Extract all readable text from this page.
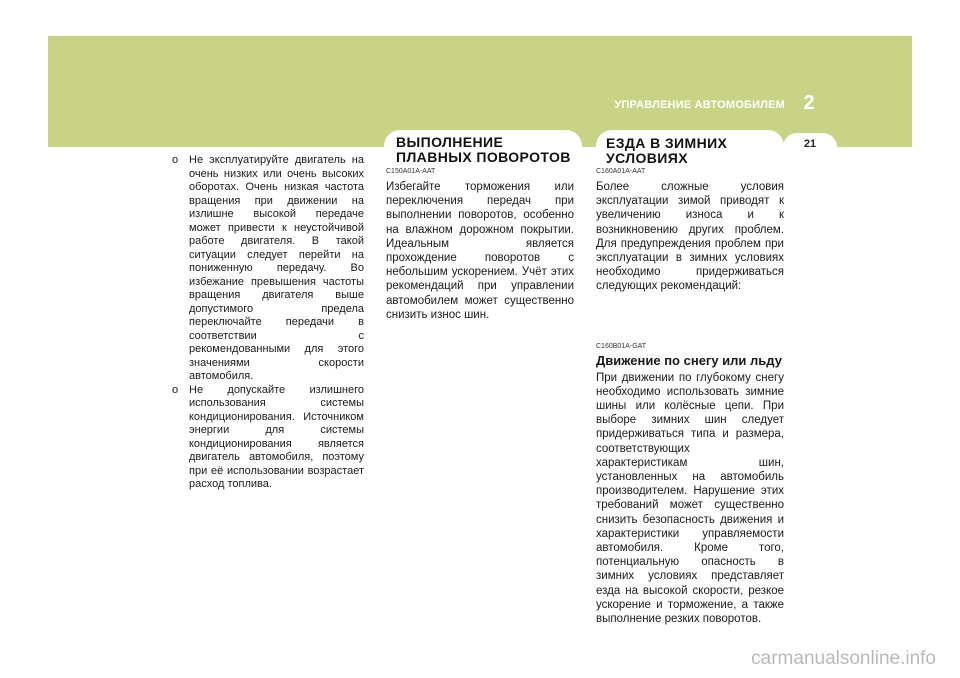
УПРАВЛЕНИЕ АВТОМОБИЛЕМ 2
21
ВЫПОЛНЕНИЕ ПЛАВНЫХ ПОВОРОТОВ
ЕЗДА В ЗИМНИХ УСЛОВИЯХ
o Не эксплуатируйте двигатель на очень низких или очень высоких оборотах. Очень низкая частота вращения при движении на излишне высокой передаче может привести к неустойчивой работе двигателя. В такой ситуации следует перейти на пониженную передачу. Во избежание превышения частоты вращения двигателя выше допустимого предела переключайте передачи в соответствии с рекомендованными для этого значениями скорости автомобиля.
o Не допускайте излишнего использования системы кондиционирования. Источником энергии для системы кондиционирования является двигатель автомобиля, поэтому при её использовании возрастает расход топлива.
C150A01A-AAT
Избегайте торможения или переключения передач при выполнении поворотов, особенно на влажном дорожном покрытии. Идеальным является прохождение поворотов с небольшим ускорением. Учёт этих рекомендаций при управлении автомобилем может существенно снизить износ шин.
C160A01A-AAT
Более сложные условия эксплуатации зимой приводят к увеличению износа и к возникновению других проблем. Для предупреждения проблем при эксплуатации в зимних условиях необходимо придерживаться следующих рекомендаций:
C160B01A-GAT
Движение по снегу или льду
При движении по глубокому снегу необходимо использовать зимние шины или колёсные цепи. При выборе зимних шин следует придерживаться типа и размера, соответствующих характеристикам шин, установленных на автомобиль производителем. Нарушение этих требований может существенно снизить безопасность движения и характеристики управляемости автомобиля. Кроме того, потенциальную опасность в зимних условиях представляет езда на высокой скорости, резкое ускорение и торможение, а также выполнение резких поворотов.
carmanualsonline.info
